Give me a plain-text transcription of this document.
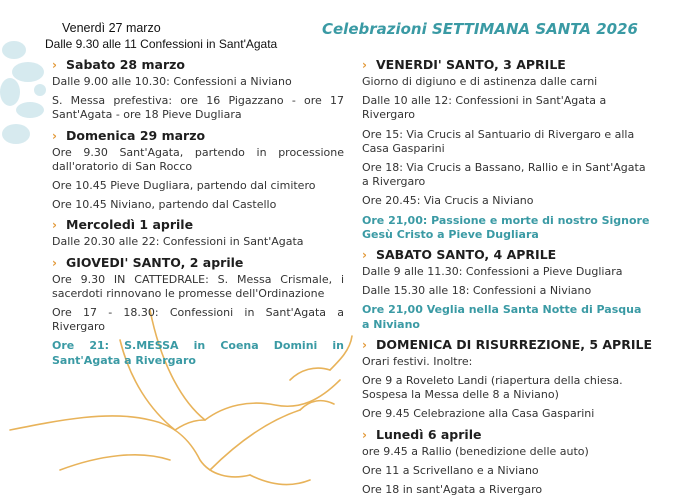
Venerdì 27 marzo
Dalle 9.30 alle 11 Confessioni in Sant'Agata
Celebrazioni SETTIMANA SANTA 2026
› Sabato 28 marzo
Dalle 9.00 alle 10.30: Confessioni a Niviano
S. Messa prefestiva: ore 16 Pigazzano - ore 17 Sant'Agata - ore 18 Pieve Dugliara
› Domenica 29 marzo
Ore 9.30 Sant'Agata, partendo in processione dall'oratorio di San Rocco
Ore 10.45 Pieve Dugliara, partendo dal cimitero
Ore 10.45 Niviano, partendo dal Castello
› Mercoledì 1 aprile
Dalle 20.30 alle 22: Confessioni in Sant'Agata
› GIOVEDI' SANTO, 2 aprile
Ore 9.30 IN CATTEDRALE: S. Messa Crismale, i sacerdoti rinnovano le promesse dell'Ordinazione
Ore 17 - 18.30: Confessioni in Sant'Agata a Rivergaro
Ore 21: S.MESSA in Coena Domini in Sant'Agata a Rivergaro
› VENERDI' SANTO, 3 APRILE
Giorno di digiuno e di astinenza dalle carni
Dalle 10 alle 12: Confessioni in Sant'Agata a Rivergaro
Ore 15: Via Crucis al Santuario di Rivergaro e alla Casa Gasparini
Ore 18: Via Crucis a Bassano, Rallio e in Sant'Agata a Rivergaro
Ore 20.45: Via Crucis a Niviano
Ore 21,00: Passione e morte di nostro Signore Gesù Cristo a Pieve Dugliara
› SABATO SANTO, 4 APRILE
Dalle 9 alle 11.30: Confessioni a Pieve Dugliara
Dalle 15.30 alle 18: Confessioni a Niviano
Ore 21,00 Veglia nella Santa Notte di Pasqua a Niviano
› DOMENICA DI RISURREZIONE, 5 APRILE
Orari festivi. Inoltre:
Ore 9 a Roveleto Landi (riapertura della chiesa. Sospesa la Messa delle 8 a Niviano)
Ore 9.45 Celebrazione alla Casa Gasparini
› Lunedì 6 aprile
ore 9.45 a Rallio (benedizione delle auto)
Ore 11 a Scrivellano e a Niviano
Ore 18 in sant'Agata a Rivergaro
